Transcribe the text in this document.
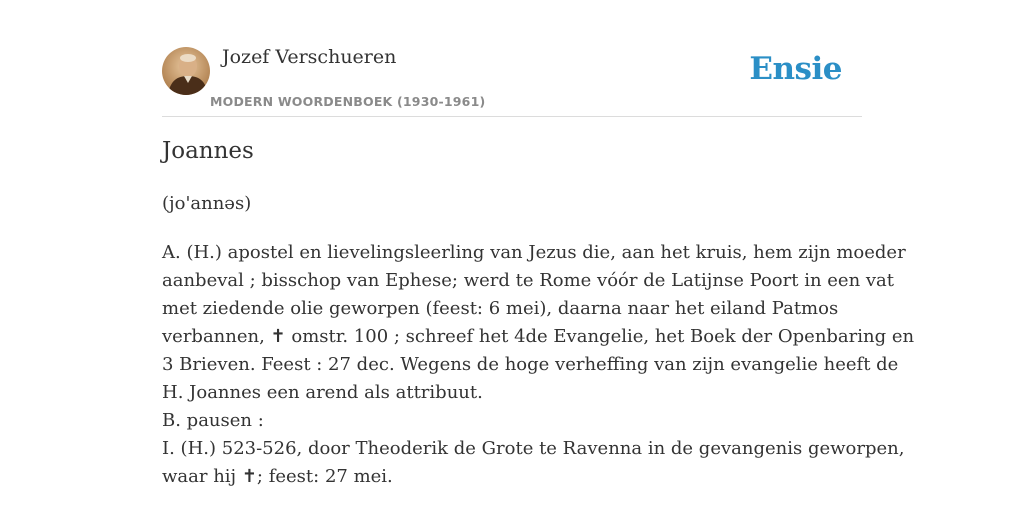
Jozef Verschueren
MODERN WOORDENBOEK (1930-1961)
Ensie
Joannes

(jo'annəs)

A. (H.) apostel en lievelingsleerling van Jezus die, aan het kruis, hem zijn moeder
aanbeval ; bisschop van Ephese; werd te Rome vóór de Latijnse Poort in een vat
met ziedende olie geworpen (feest: 6 mei), daarna naar het eiland Patmos
verbannen, ✝ omstr. 100 ; schreef het 4de Evangelie, het Boek der Openbaring en
3 Brieven. Feest : 27 dec. Wegens de hoge verheffing van zijn evangelie heeft de
H. Joannes een arend als attribuut.
B. pausen :
I. (H.) 523-526, door Theoderik de Grote te Ravenna in de gevangenis geworpen,
waar hij ✝; feest: 27 mei.
